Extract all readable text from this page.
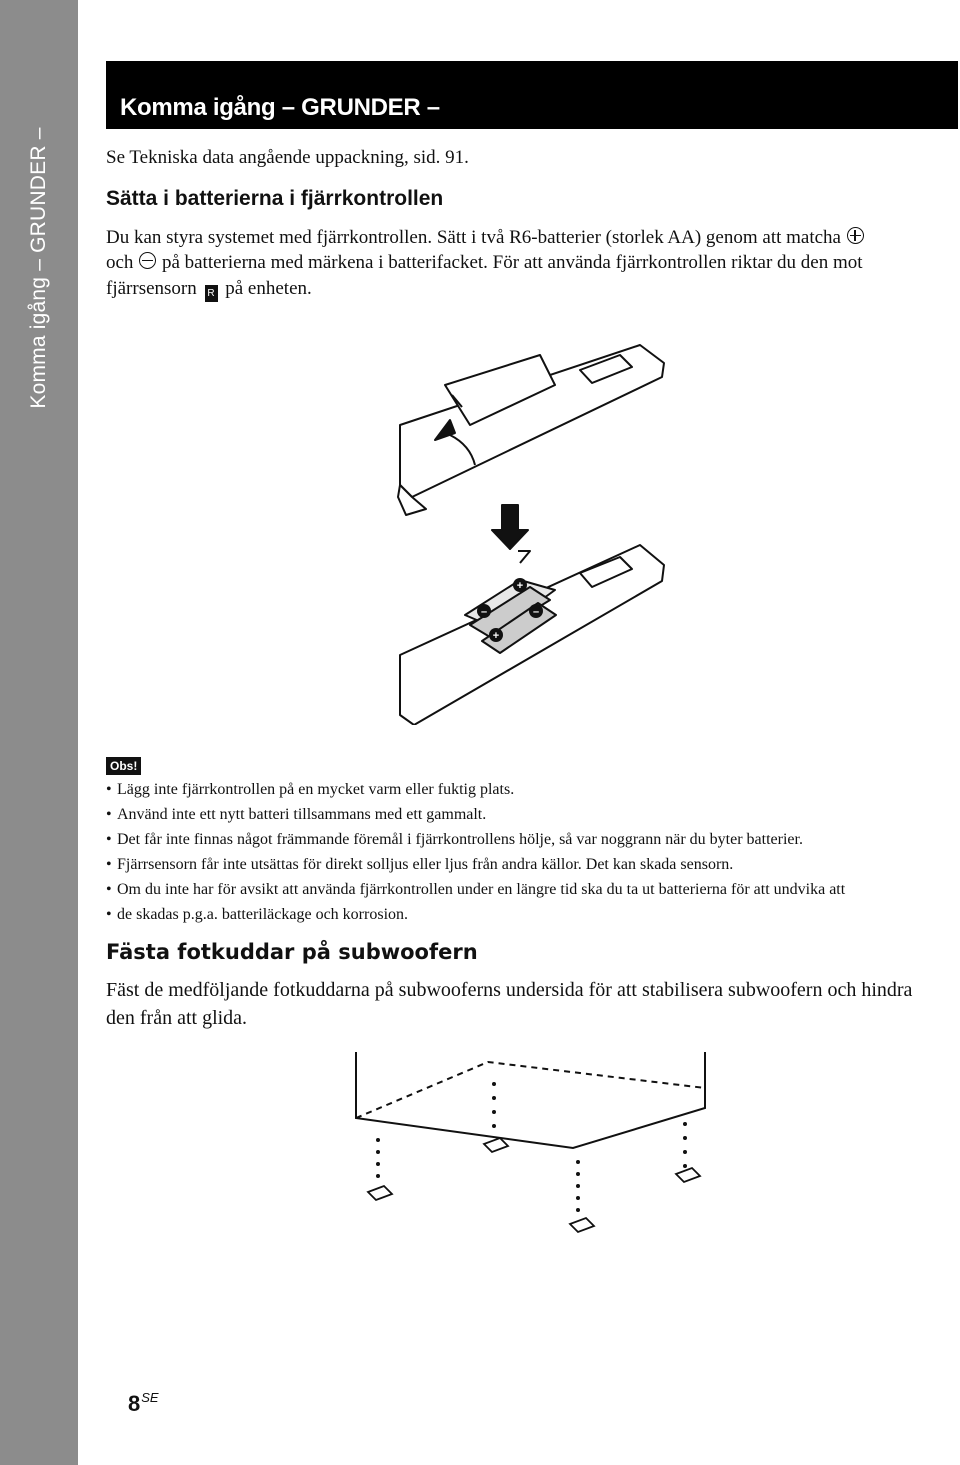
Komma igång – GRUNDER –
Komma igång – GRUNDER –
Se Tekniska data angående uppackning, sid. 91.
Sätta i batterierna i fjärrkontrollen
Du kan styra systemet med fjärrkontrollen. Sätt i två R6-batterier (storlek AA) genom att matcha
och på batterierna med märkena i batterifacket. För att använda fjärrkontrollen riktar du den mot
fjärrsensorn R på enheten.
+
–	–
+
Obs!
• Lägg inte fjärrkontrollen på en mycket varm eller fuktig plats.
• Använd inte ett nytt batteri tillsammans med ett gammalt.
• Det får inte finnas något främmande föremål i fjärrkontrollens hölje, så var noggrann när du byter batterier.
• Fjärrsensorn får inte utsättas för direkt solljus eller ljus från andra källor. Det kan skada sensorn.
• Om du inte har för avsikt att använda fjärrkontrollen under en längre tid ska du ta ut batterierna för att undvika att
• de skadas p.g.a. batteriläckage och korrosion.
Fästa fotkuddar på subwoofern
Fäst de medföljande fotkuddarna på subwooferns undersida för att stabilisera subwoofern och hindra
den från att glida.
$8^{SE}$
